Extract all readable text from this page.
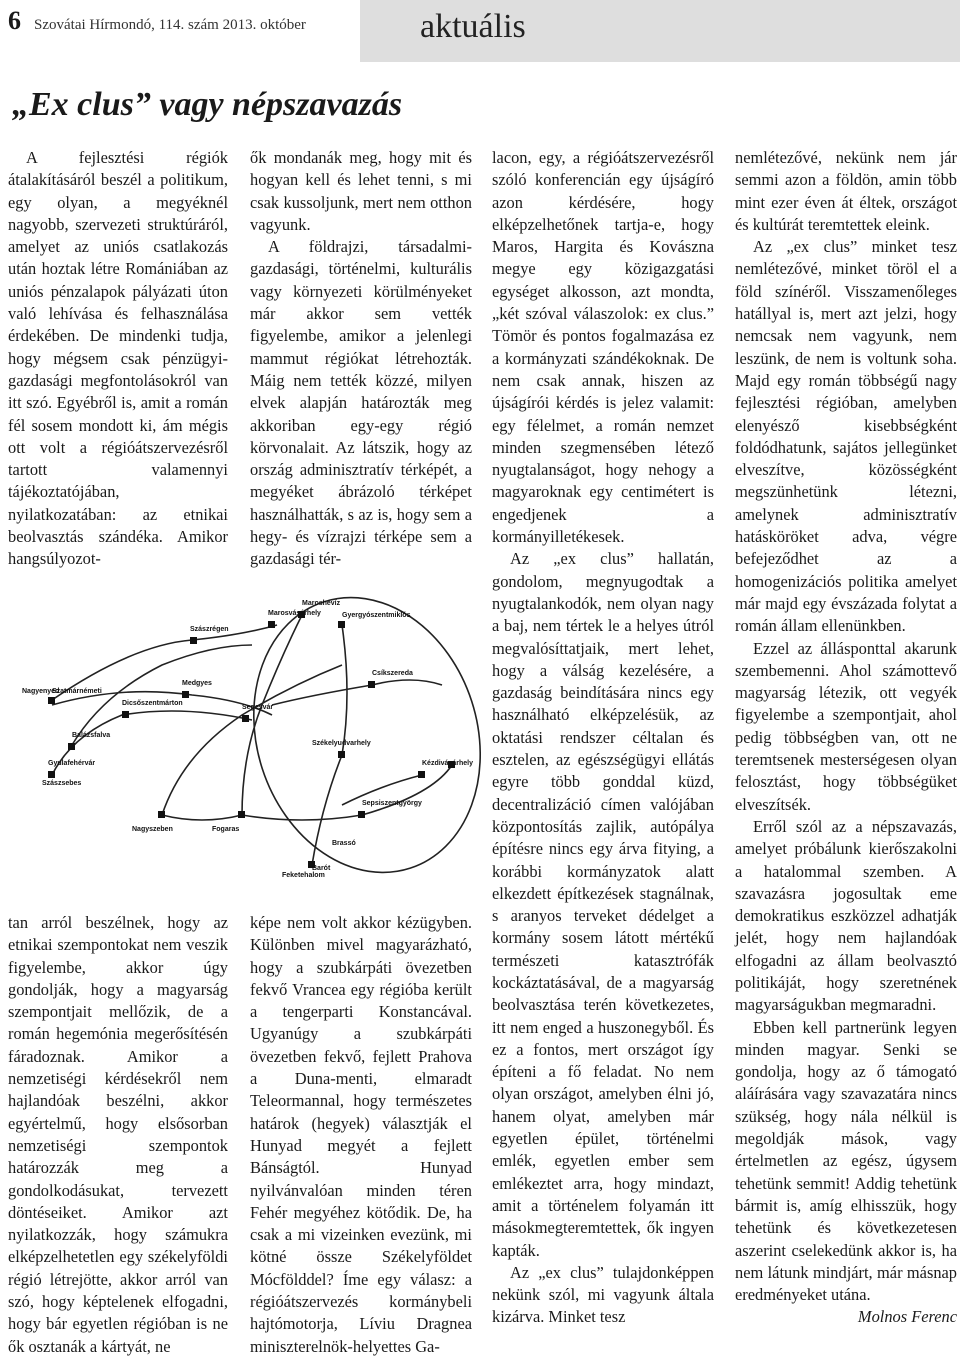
6 Szovátai Hírmondó, 114. szám 2013. október	aktuális
„Ex clus” vagy népszavazás

A fejlesztési régiók átalakításáról beszél a politikum, egy olyan, a megyéknél nagyobb, szervezeti struktúráról, amelyet az uniós csatlakozás után hoztak létre Romániában az uniós pénzalapok pályázati úton való lehívása és felhasználása érdekében. De mindenki tudja, hogy mégsem csak pénzügyi-gazdasági megfontolásokról van itt szó. Egyébről is, amit a román fél sosem mondott ki, ám mégis ott volt a régióátszervezésről tartott valamennyi tájékoztatójában, nyilatkozatában: az etnikai beolvasztás szándéka. Amikor hangsúlyozot-

ők mondanák meg, hogy mit és hogyan kell és lehet tenni, s mi csak kussoljunk, mert nem otthon vagyunk.

A földrajzi, társadalmi-gazdasági, történelmi, kulturális vagy környezeti körülményeket már akkor sem vették figyelembe, amikor a jelenlegi mammut régiókat létrehozták. Máig nem tették közzé, milyen elvek alapján határozták meg akkoriban egy-egy régió körvonalait. Az látszik, hogy az ország adminisztratív térképét, a megyéket ábrázoló térképet használhatták, s az is, hogy sem a hegy- és vízrajzi térképe sem a gazdasági tér-

Szatmárnémeti
Szászrégen
Marosvásárhely
Nagyenyed
Dicsőszentmárton
Balázsfalva
Medgyes
Gyulafehérvár
Szászsebes
Segesvár
Nagyszeben	Fogaras
Feketehalom
Barót
Kézdivásárhely
Sepsiszentgyörgy
Brassó
Csíkszereda
Székelyudvarhely
Gyergyószentmiklós
Maroshévíz

tan arról beszélnek, hogy az etnikai szempontokat nem veszik figyelembe, akkor úgy gondolják, hogy a magyarság szempontjait mellőzik, de a román hegemónia megerősítésén fáradoznak. Amikor a nemzetiségi kérdésekről nem hajlandóak beszélni, akkor egyértelmű, hogy elsősorban nemzetiségi szempontok határozzák meg a gondolkodásukat, tervezett döntéseiket. Amikor azt nyilatkozzák, hogy számukra elképzelhetetlen egy székelyföldi régió létrejötte, akkor arról van szó, hogy képtelenek elfogadni, hogy bár egyetlen régióban is ne ők osztanák a kártyát, ne

képe nem volt akkor kézügyben. Különben mivel magyarázható, hogy a szubkárpáti övezetben fekvő Vrancea egy régióba került a tengerparti Konstancával. Ugyanúgy a szubkárpáti övezetben fekvő, fejlett Prahova a Duna-menti, elmaradt Teleormannal, hogy természetes határok (hegyek) választják el Hunyad megyét a fejlett Bánságtól. Hunyad nyilvánvalóan minden téren Fehér megyéhez kötődik. De, ha csak a mi vizeinken evezünk, mi kötné össze Székelyföldet Mócfölddel? Íme egy válasz: a régióátszervezés kormánybeli hajtómotorja, Líviu Dragnea miniszterelnök-helyettes Ga-

lacon, egy, a régióátszervezésről szóló konferencián egy újságíró azon kérdésére, hogy elképzelhetőnek tartja-e, hogy Maros, Hargita és Kovászna megye egy közigazgatási egységet alkosson, azt mondta, „két szóval válaszolok: ex clus.” Tömör és pontos fogalmazása ez a kormányzati szándékoknak. De nem csak annak, hiszen az újságírói kérdés is jelez valamit: egy félelmet, a román nemzet minden szegmensében létező nyugtalanságot, hogy nehogy a magyaroknak egy centimétert is engedjenek a kormányilletékesek.

Az „ex clus” hallatán, gondolom, megnyugodtak a nyugtalankodók, nem olyan nagy a baj, nem tértek le a helyes útról megvalósíttatjaik, mert lehet, hogy a válság kezelésére, a gazdaság beindítására nincs egy használható elképzelésük, az oktatási rendszer céltalan és esztelen, az egészségügyi ellátás egyre több gonddal küzd, decentralizáció címen valójában központosítás zajlik, autópálya építésre nincs egy árva fitying, a korábbi kormányzatok alatt elkezdett építkezések stagnálnak, s aranyos terveket dédelget a kormány sosem látott mértékű természeti katasztrófák kockáztatásával, de a magyarság beolvasztása terén következetes, itt nem enged a huszonegyből. És ez a fontos, mert országot így építeni a fő feladat. No nem olyan országot, amelyben élni jó, hanem olyat, amelyben már egyetlen épület, történelmi emlék, egyetlen ember sem emlékeztet arra, hogy mindazt, amit a történelem folyamán itt másokmegteremtettek, ők ingyen kapták.

Az „ex clus” tulajdonképpen nekünk szól, mi vagyunk általa kizárva. Minket tesz

nemlétezővé, nekünk nem jár semmi azon a földön, amin több mint ezer éven át éltek, országot és kultúrát teremtettek eleink.

Az „ex clus” minket tesz nemlétezővé, minket töröl el a föld színéről. Visszamenőleges hatállyal is, mert azt jelzi, hogy nemcsak nem vagyunk, nem leszünk, de nem is voltunk soha. Majd egy román többségű nagy fejlesztési régióban, amelyben elenyésző kisebbségként foldódhatunk, sajátos jellegünket elveszítve, közösségként megszünhetünk létezni, amelynek adminisztratív hatásköröket adva, végre befejeződhet az a homogenizációs politika amelyet már majd egy évszázada folytat a román állam ellenünkben.

Ezzel az állásponttal akarunk szembemenni. Ahol számottevő magyarság létezik, ott vegyék figyelembe a szempontjait, ahol pedig többségben van, ott ne teremtsenek mesterségesen olyan felosztást, hogy többségüket elveszítsék.

Erről szól az a népszavazás, amelyet próbálunk kierőszakolni a hatalommal szemben. A szavazásra jogosultak eme demokratikus eszközzel adhatják jelét, hogy nem hajlandóak elfogadni az állam beolvasztó politikáját, hogy szeretnének magyarságukban megmaradni.

Ebben kell partnerünk legyen minden magyar. Senki se gondolja, hogy az ő támogató aláírására vagy szavazatára nincs szükség, hogy nála nélkül is megoldják mások, vagy értelmetlen az egész, úgysem tehetünk semmit! Addig tehetünk bármit is, amíg elhisszük, hogy tehetünk és következetesen aszerint cselekedünk akkor is, ha nem látunk mindjárt, már másnap eredményeket utána.

Molnos Ferenc
